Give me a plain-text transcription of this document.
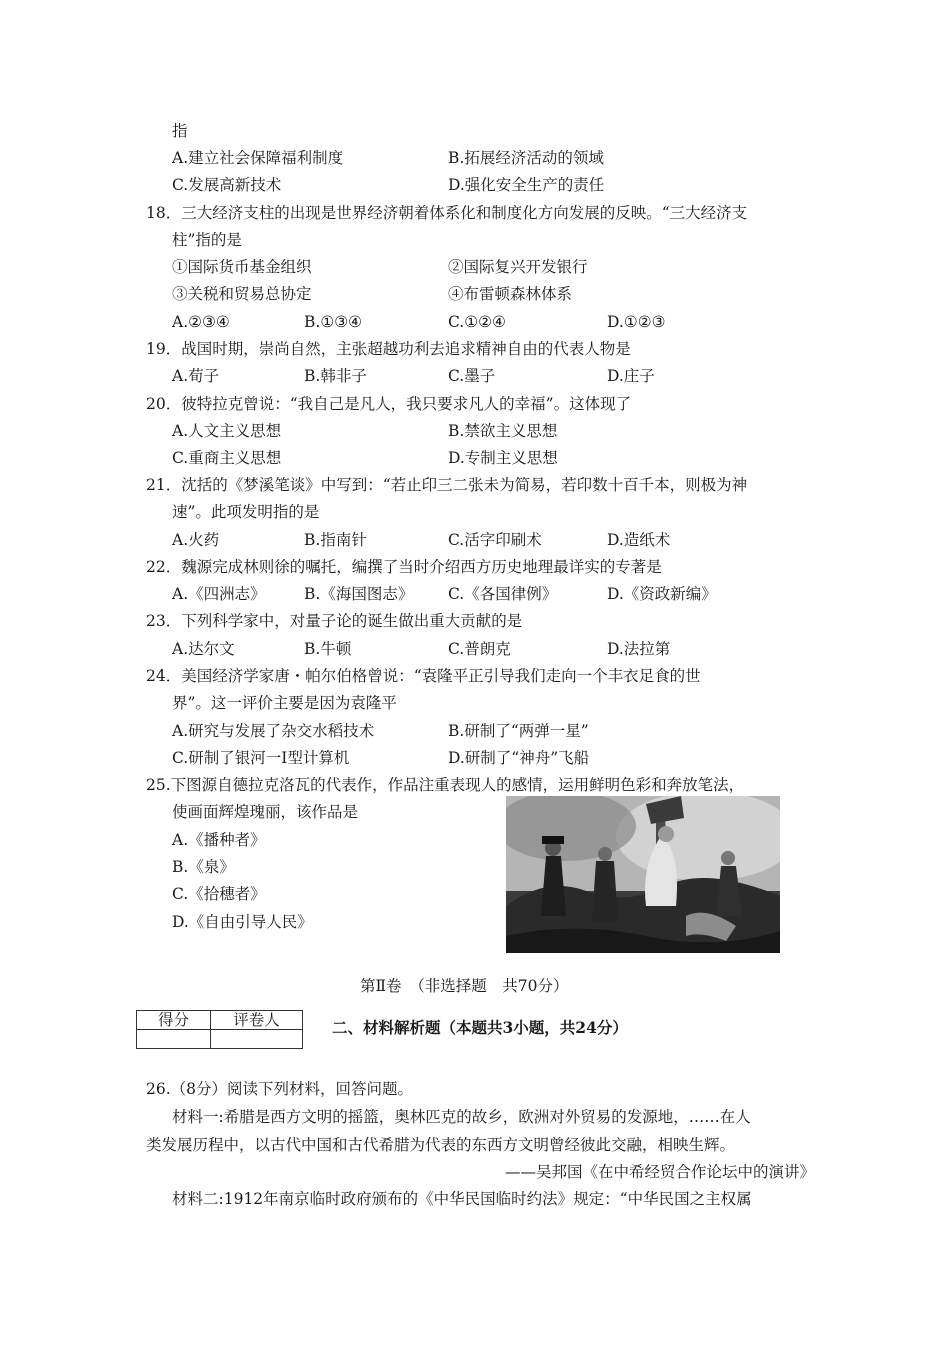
指
A.建立社会保障福利制度	B.拓展经济活动的领域
C.发展高新技术	D.强化安全生产的责任
18．三大经济支柱的出现是世界经济朝着体系化和制度化方向发展的反映。“三大经济支
柱”指的是
①国际货币基金组织	②国际复兴开发银行
③关税和贸易总协定	④布雷顿森林体系
A.②③④	B.①③④	C.①②④	D.①②③
19．战国时期，崇尚自然，主张超越功利去追求精神自由的代表人物是
A.荀子	B.韩非子	C.墨子	D.庄子
20．彼特拉克曾说：“我自己是凡人，我只要求凡人的幸福”。这体现了
A.人文主义思想	B.禁欲主义思想
C.重商主义思想	D.专制主义思想
21．沈括的《梦溪笔谈》中写到：“若止印三二张未为简易，若印数十百千本，则极为神
速”。此项发明指的是
A.火药	B.指南针	C.活字印刷术	D.造纸术
22．魏源完成林则徐的嘱托，编撰了当时介绍西方历史地理最详实的专著是
A.《四洲志》 B.《海国图志》 C.《各国律例》	D.《资政新编》
23．下列科学家中，对量子论的诞生做出重大贡献的是
A.达尔文	B.牛顿	C.普朗克	D.法拉第
24．美国经济学家唐・帕尔伯格曾说：“袁隆平正引导我们走向一个丰衣足食的世
界”。这一评价主要是因为袁隆平
A.研究与发展了杂交水稻技术	B.研制了“两弹一星”
C.研制了银河一Ⅰ型计算机	D.研制了“神舟”飞船
25.下图源自德拉克洛瓦的代表作，作品注重表现人的感情，运用鲜明色彩和奔放笔法，
使画面辉煌瑰丽，该作品是
A.《播种者》
B.《泉》
C.《拾穗者》
D.《自由引导人民》
第Ⅱ卷　（非选择题　共70分）
得分	评卷人
		二、材料解析题（本题共3小题，共24分）
26.（8分）阅读下列材料，回答问题。
材料一:希腊是西方文明的摇篮，奥林匹克的故乡，欧洲对外贸易的发源地，……在人
类发展历程中，以古代中国和古代希腊为代表的东西方文明曾经彼此交融，相映生辉。
——吴邦国《在中希经贸合作论坛中的演讲》
材料二:1912年南京临时政府颁布的《中华民国临时约法》规定：“中华民国之主权属
